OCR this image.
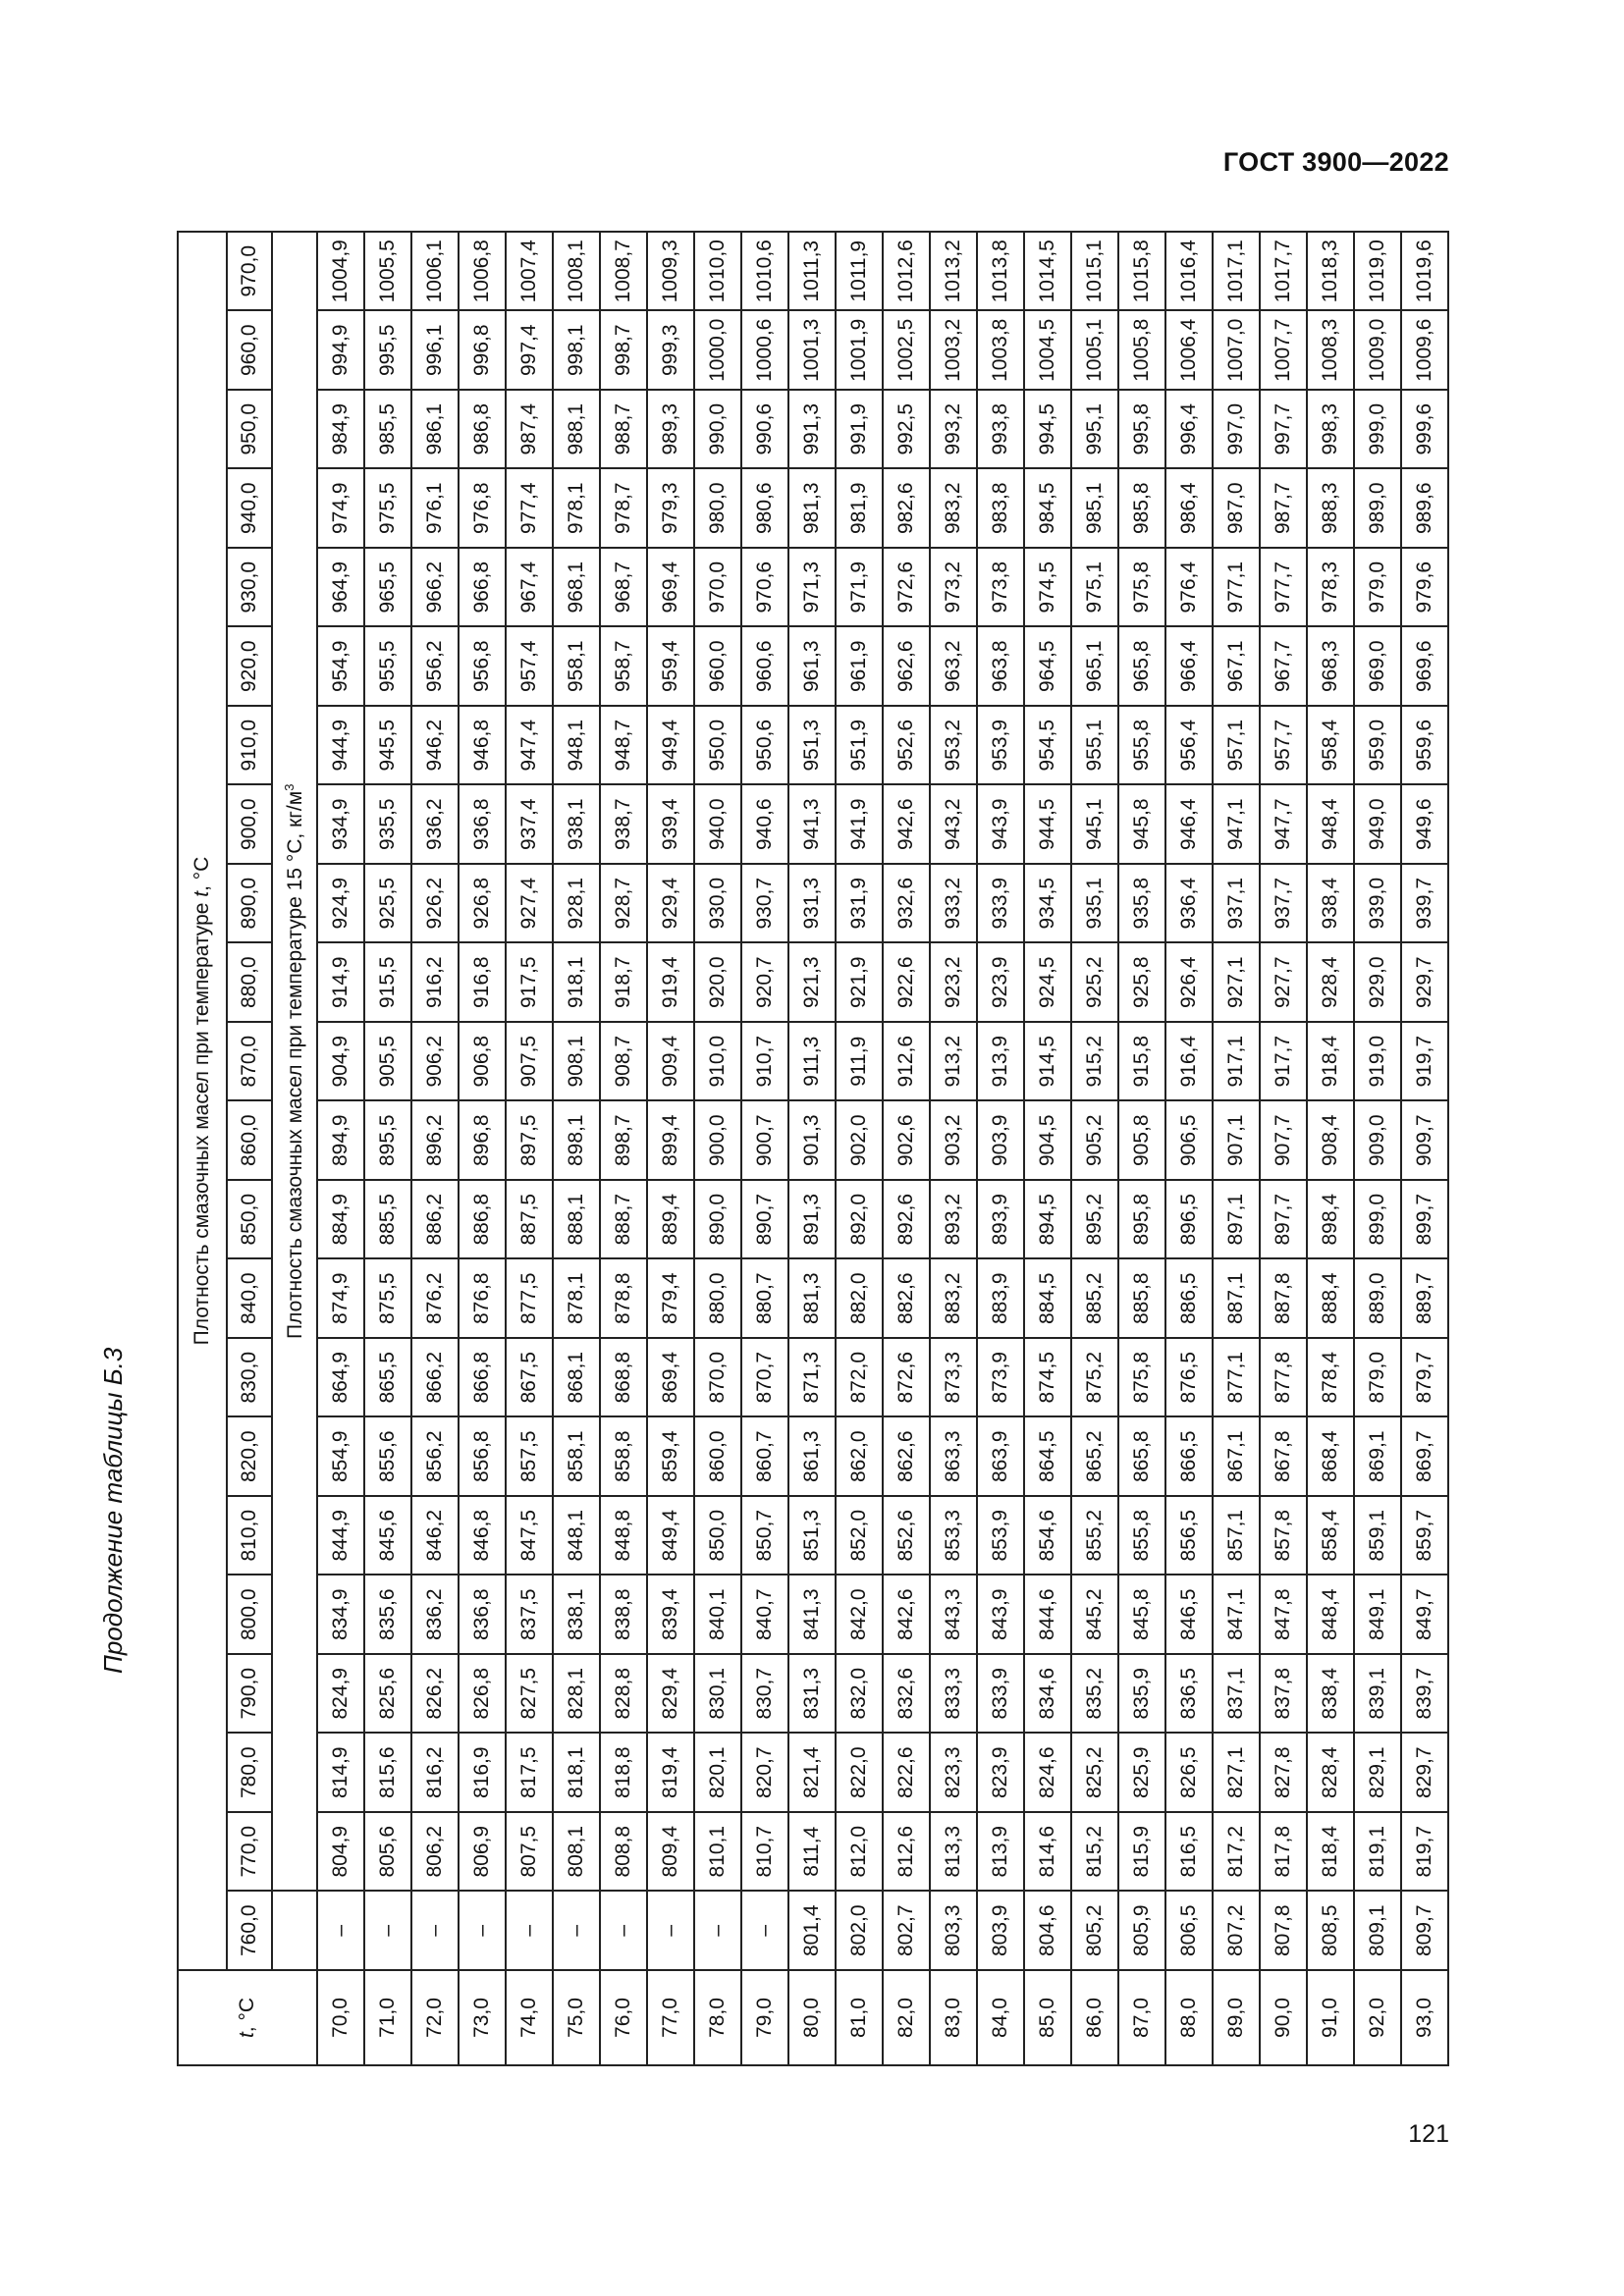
ГОСТ 3900—2022
Продолжение таблицы Б.3
t, °C	Плотность смазочных масел при температуре t, °C																					
	760,0	770,0	780,0	790,0	800,0	810,0	820,0	830,0	840,0	850,0	860,0	870,0	880,0	890,0	900,0	910,0	920,0	930,0	940,0	950,0	960,0	970,0
		Плотность смазочных масел при температуре 15 °C, $кг/м^3$
70,0	–	804,9	814,9	824,9	834,9	844,9	854,9	864,9	874,9	884,9	894,9	904,9	914,9	924,9	934,9	944,9	954,9	964,9	974,9	984,9	994,9	1004,9
71,0	–	805,6	815,6	825,6	835,6	845,6	855,6	865,5	875,5	885,5	895,5	905,5	915,5	925,5	935,5	945,5	955,5	965,5	975,5	985,5	995,5	1005,5
72,0	–	806,2	816,2	826,2	836,2	846,2	856,2	866,2	876,2	886,2	896,2	906,2	916,2	926,2	936,2	946,2	956,2	966,2	976,1	986,1	996,1	1006,1
73,0	–	806,9	816,9	826,8	836,8	846,8	856,8	866,8	876,8	886,8	896,8	906,8	916,8	926,8	936,8	946,8	956,8	966,8	976,8	986,8	996,8	1006,8
74,0	–	807,5	817,5	827,5	837,5	847,5	857,5	867,5	877,5	887,5	897,5	907,5	917,5	927,4	937,4	947,4	957,4	967,4	977,4	987,4	997,4	1007,4
75,0	–	808,1	818,1	828,1	838,1	848,1	858,1	868,1	878,1	888,1	898,1	908,1	918,1	928,1	938,1	948,1	958,1	968,1	978,1	988,1	998,1	1008,1
76,0	–	808,8	818,8	828,8	838,8	848,8	858,8	868,8	878,8	888,7	898,7	908,7	918,7	928,7	938,7	948,7	958,7	968,7	978,7	988,7	998,7	1008,7
77,0	–	809,4	819,4	829,4	839,4	849,4	859,4	869,4	879,4	889,4	899,4	909,4	919,4	929,4	939,4	949,4	959,4	969,4	979,3	989,3	999,3	1009,3
78,0	–	810,1	820,1	830,1	840,1	850,0	860,0	870,0	880,0	890,0	900,0	910,0	920,0	930,0	940,0	950,0	960,0	970,0	980,0	990,0	1000,0	1010,0
79,0	–	810,7	820,7	830,7	840,7	850,7	860,7	870,7	880,7	890,7	900,7	910,7	920,7	930,7	940,6	950,6	960,6	970,6	980,6	990,6	1000,6	1010,6
80,0	801,4	811,4	821,4	831,3	841,3	851,3	861,3	871,3	881,3	891,3	901,3	911,3	921,3	931,3	941,3	951,3	961,3	971,3	981,3	991,3	1001,3	1011,3
81,0	802,0	812,0	822,0	832,0	842,0	852,0	862,0	872,0	882,0	892,0	902,0	911,9	921,9	931,9	941,9	951,9	961,9	971,9	981,9	991,9	1001,9	1011,9
82,0	802,7	812,6	822,6	832,6	842,6	852,6	862,6	872,6	882,6	892,6	902,6	912,6	922,6	932,6	942,6	952,6	962,6	972,6	982,6	992,5	1002,5	1012,6
83,0	803,3	813,3	823,3	833,3	843,3	853,3	863,3	873,3	883,2	893,2	903,2	913,2	923,2	933,2	943,2	953,2	963,2	973,2	983,2	993,2	1003,2	1013,2
84,0	803,9	813,9	823,9	833,9	843,9	853,9	863,9	873,9	883,9	893,9	903,9	913,9	923,9	933,9	943,9	953,9	963,8	973,8	983,8	993,8	1003,8	1013,8
85,0	804,6	814,6	824,6	834,6	844,6	854,6	864,5	874,5	884,5	894,5	904,5	914,5	924,5	934,5	944,5	954,5	964,5	974,5	984,5	994,5	1004,5	1014,5
86,0	805,2	815,2	825,2	835,2	845,2	855,2	865,2	875,2	885,2	895,2	905,2	915,2	925,2	935,1	945,1	955,1	965,1	975,1	985,1	995,1	1005,1	1015,1
87,0	805,9	815,9	825,9	835,9	845,8	855,8	865,8	875,8	885,8	895,8	905,8	915,8	925,8	935,8	945,8	955,8	965,8	975,8	985,8	995,8	1005,8	1015,8
88,0	806,5	816,5	826,5	836,5	846,5	856,5	866,5	876,5	886,5	896,5	906,5	916,4	926,4	936,4	946,4	956,4	966,4	976,4	986,4	996,4	1006,4	1016,4
89,0	807,2	817,2	827,1	837,1	847,1	857,1	867,1	877,1	887,1	897,1	907,1	917,1	927,1	937,1	947,1	957,1	967,1	977,1	987,0	997,0	1007,0	1017,1
90,0	807,8	817,8	827,8	837,8	847,8	857,8	867,8	877,8	887,8	897,7	907,7	917,7	927,7	937,7	947,7	957,7	967,7	977,7	987,7	997,7	1007,7	1017,7
91,0	808,5	818,4	828,4	838,4	848,4	858,4	868,4	878,4	888,4	898,4	908,4	918,4	928,4	938,4	948,4	958,4	968,3	978,3	988,3	998,3	1008,3	1018,3
92,0	809,1	819,1	829,1	839,1	849,1	859,1	869,1	879,0	889,0	899,0	909,0	919,0	929,0	939,0	949,0	959,0	969,0	979,0	989,0	999,0	1009,0	1019,0
93,0	809,7	819,7	829,7	839,7	849,7	859,7	869,7	879,7	889,7	899,7	909,7	919,7	929,7	939,7	949,6	959,6	969,6	979,6	989,6	999,6	1009,6	1019,6
121
